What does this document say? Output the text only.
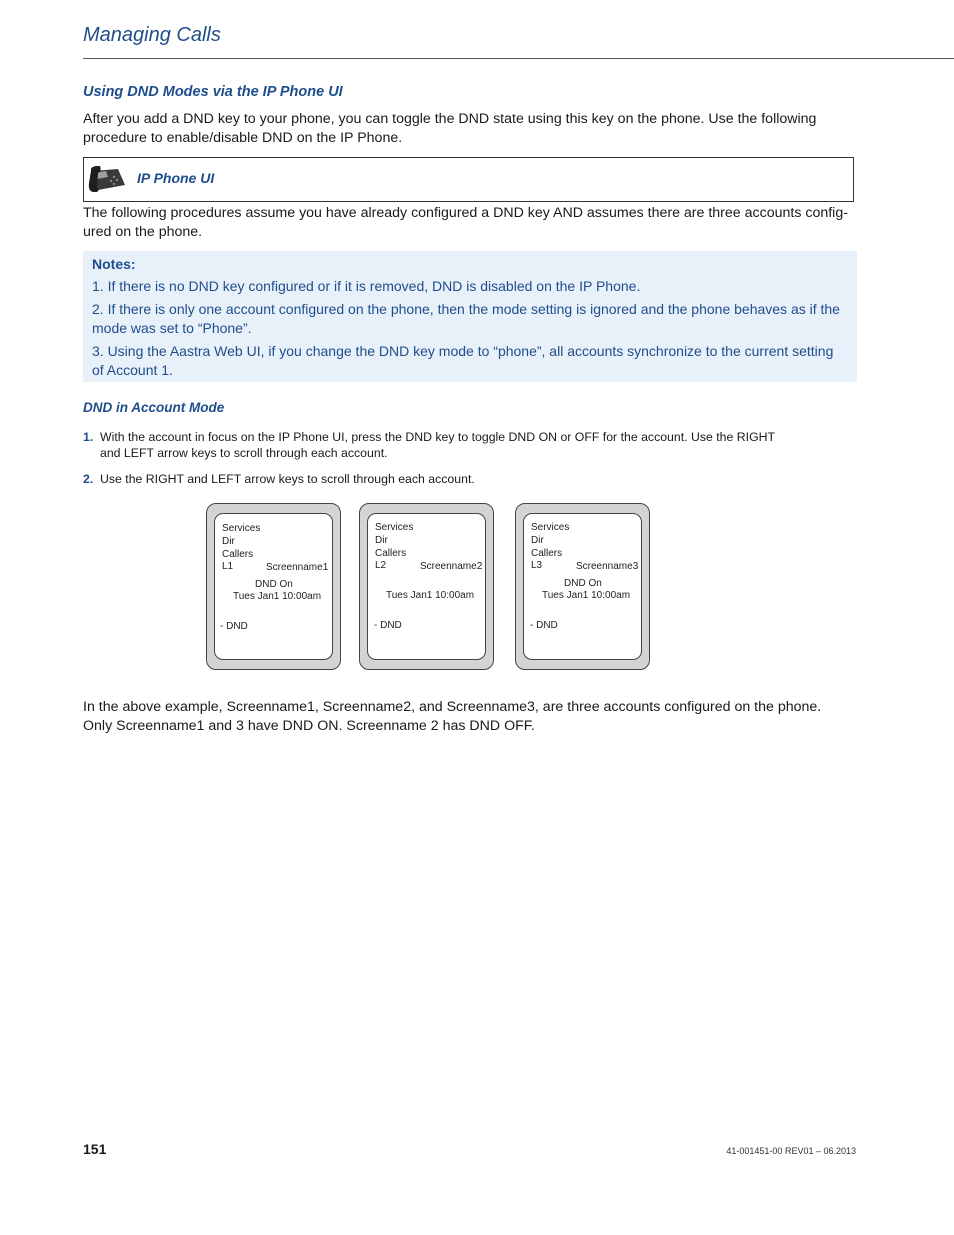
Managing Calls
Using DND Modes via the IP Phone UI
After you add a DND key to your phone, you can toggle the DND state using this key on the phone. Use the following procedure to enable/disable DND on the IP Phone.
IP Phone UI
The following procedures assume you have already configured a DND key AND assumes there are three accounts config-ured on the phone.
Notes:
1. If there is no DND key configured or if it is removed, DND is disabled on the IP Phone.
2. If there is only one account configured on the phone, then the mode setting is ignored and the phone behaves as if the mode was set to “Phone”.
3. Using the Aastra Web UI, if you change the DND key mode to “phone”, all accounts synchronize to the current setting of Account 1.
DND in Account Mode
1. With the account in focus on the IP Phone UI, press the DND key to toggle DND ON or OFF for the account. Use the RIGHT and LEFT arrow keys to scroll through each account.
2. Use the RIGHT and LEFT arrow keys to scroll through each account.
Services
Dir
Callers
L1	Screenname1
DND On
Tues Jan1 10:00am
- DND
Services
Dir
Callers
L2	Screenname2
Tues Jan1 10:00am
- DND
Services
Dir
Callers
L3	Screenname3
DND On
Tues Jan1 10:00am
- DND
In the above example, Screenname1, Screenname2, and Screenname3, are three accounts configured on the phone. Only Screenname1 and 3 have DND ON. Screenname 2 has DND OFF.
151	41-001451-00 REV01 – 06.2013
